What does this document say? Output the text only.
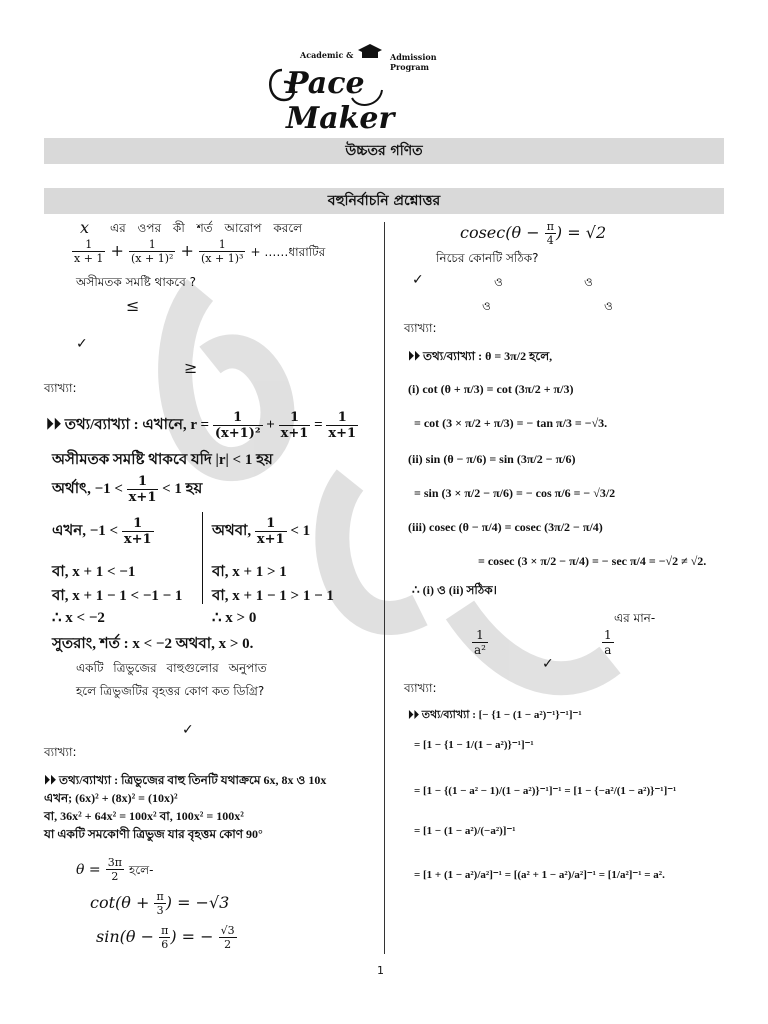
Pace Maker
Academic &	Admission Program
উচ্চতর গণিত
বহুনির্বাচনি প্রশ্নোত্তর
x এর ওপর কী শর্ত আরোপ করলে
$\frac{1}{x + 1} + \frac{1}{\text{(x + 1)²}} + \frac{1}{\text{(x + 1)³}}$ + ……ধারাটির
অসীমতক সমষ্টি থাকবে ?
≤
✓
≥
ব্যাখ্যা:
⏵⏵ তথ্য/ব্যাখ্যা : এখানে, $r = \frac{1}{\text{(x+1)²}} + \frac{1}{x+1} = \frac{1}{x+1}$
অসীমতক সমষ্টি থাকবে যদি |r| < 1 হয়
অর্থাৎ, $-1 < \frac{1}{x+1} < 1$ হয়
এখন, $-1 < \frac{1}{x+1}$	অথবা, $\frac{1}{x+1} < 1$
বা, x + 1 < −1	বা, x + 1 > 1
বা, x + 1 − 1 < −1 − 1 বা, x + 1 − 1 > 1 − 1
∴ x < −2	∴ x > 0
সুতরাং, শর্ত : x < −2 অথবা, x > 0.
একটি ত্রিভুজের বাহুগুলোর অনুপাত
হলে ত্রিভুজটির বৃহত্তর কোণ কত ডিগ্রি?
✓
ব্যাখ্যা:
⏵⏵ তথ্য/ব্যাখ্যা : ত্রিভুজের বাহু তিনটি যথাক্রমে 6x, 8x ও 10x
এখন; (6x)² + (8x)² = (10x)²
বা, 36x² + 64x² = 100x² বা, 100x² = 100x²
যা একটি সমকোণী ত্রিভুজ যার বৃহত্তম কোণ 90°
$\theta = \frac{3\pi}{2}$ হলে-
$\cot(\theta + \frac{\pi}{3}$ ) = −√3
$\sin(\theta - \frac{\pi}{6}$ ) = − $\frac{√3}{2}$
$cosec(\theta - \frac{\pi}{4}$ ) = √2
নিচের কোনটি সঠিক?
✓	ও	ও
ও	ও
ব্যাখ্যা:
⏵⏵ তথ্য/ব্যাখ্যা : θ = 3π/2 হলে,
(i) cot (θ + π/3) = cot (3π/2 + π/3)
= cot (3 × π/2 + π/3) = − tan π/3 = −√3.
(ii) sin (θ − π/6) = sin (3π/2 − π/6)
= sin (3 × π/2 − π/6) = − cos π/6 = − √3/2
(iii) cosec (θ − π/4) = cosec (3π/2 − π/4)
= cosec (3 × π/2 − π/4) = − sec π/4 = −√2 ≠ √2.
∴ (i) ও (ii) সঠিক।
এর মান-
$\frac{1}{\text{a²}}$	$\frac{1}{a}$
✓
ব্যাখ্যা:
⏵⏵ তথ্য/ব্যাখ্যা : [− {1 − (1 − a²)⁻¹}⁻¹]⁻¹
= [1 − {1 − 1/(1 − a²)}⁻¹]⁻¹
= [1 − {(1 − a² − 1)/(1 − a²)}⁻¹]⁻¹ = [1 − {−a²/(1 − a²)}⁻¹]⁻¹
= [1 − (1 − a²)/(−a²)]⁻¹
= [1 + (1 − a²)/a²]⁻¹ = [(a² + 1 − a²)/a²]⁻¹ = [1/a²]⁻¹ = a².
1
